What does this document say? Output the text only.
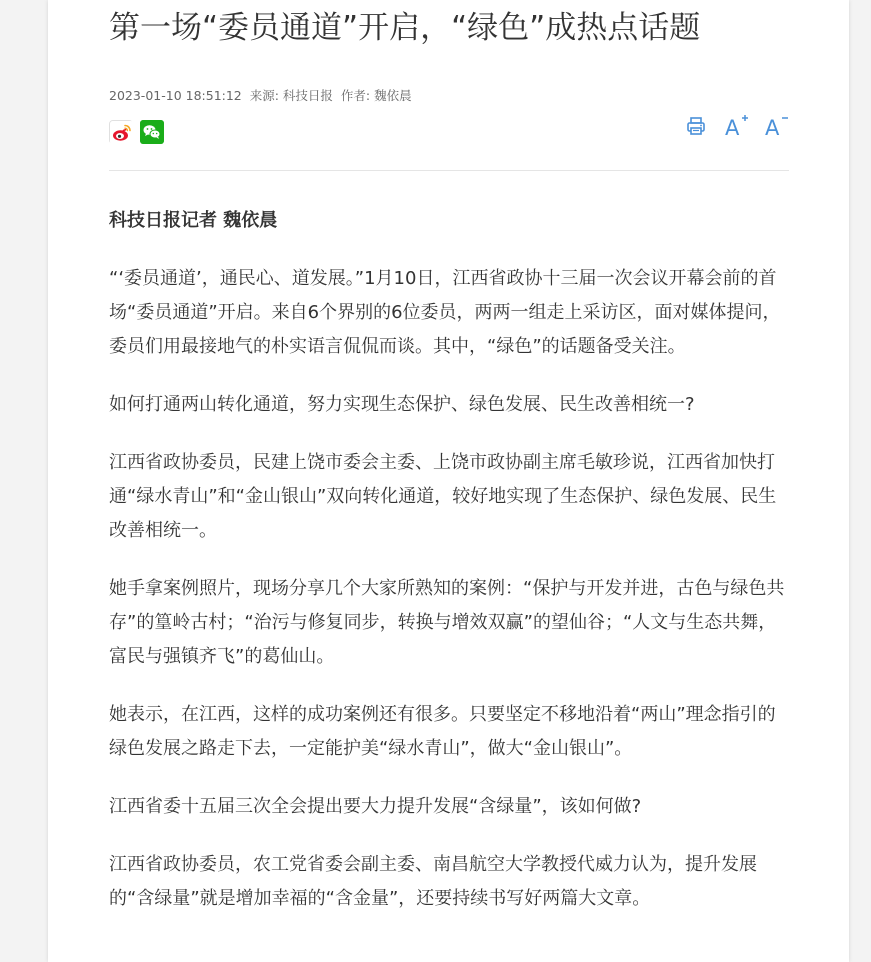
第一场“委员通道”开启，“绿色”成热点话题
2023-01-10 18:51:12 来源: 科技日报 作者: 魏依晨
A A

科技日报记者 魏依晨

“‘委员通道’，通民心、道发展。”1月10日，江西省政协十三届一次会议开幕会前的首场“委员通道”开启。来自6个界别的6位委员，两两一组走上采访区，面对媒体提问，委员们用最接地气的朴实语言侃侃而谈。其中，“绿色”的话题备受关注。

如何打通两山转化通道，努力实现生态保护、绿色发展、民生改善相统一?

江西省政协委员，民建上饶市委会主委、上饶市政协副主席毛敏珍说，江西省加快打通“绿水青山”和“金山银山”双向转化通道，较好地实现了生态保护、绿色发展、民生改善相统一。

她手拿案例照片，现场分享几个大家所熟知的案例：“保护与开发并进，古色与绿色共存”的篁岭古村；“治污与修复同步，转换与增效双赢”的望仙谷；“人文与生态共舞，富民与强镇齐飞”的葛仙山。

她表示，在江西，这样的成功案例还有很多。只要坚定不移地沿着“两山”理念指引的绿色发展之路走下去，一定能护美“绿水青山”，做大“金山银山”。

江西省委十五届三次全会提出要大力提升发展“含绿量”，该如何做?

江西省政协委员，农工党省委会副主委、南昌航空大学教授代威力认为，提升发展的“含绿量”就是增加幸福的“含金量”，还要持续书写好两篇大文章。
